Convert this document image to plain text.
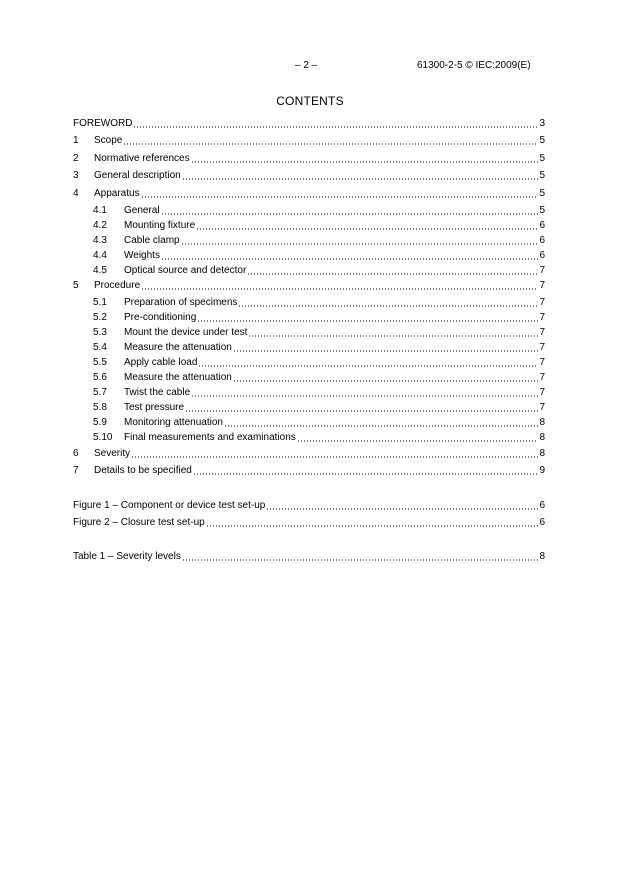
– 2 –	61300-2-5 © IEC:2009(E)
CONTENTS
FOREWORD	3
1	Scope	5
2	Normative references	5
3	General description	5
4	Apparatus	5
4.1	General	5
4.2	Mounting fixture	6
4.3	Cable clamp	6
4.4	Weights	6
4.5	Optical source and detector	7
5	Procedure	7
5.1	Preparation of specimens	7
5.2	Pre-conditioning	7
5.3	Mount the device under test	7
5.4	Measure the attenuation	7
5.5	Apply cable load	7
5.6	Measure the attenuation	7
5.7	Twist the cable	7
5.8	Test pressure	7
5.9	Monitoring attenuation	8
5.10	Final measurements and examinations	8
6	Severity	8
7	Details to be specified	9
Figure 1 – Component or device test set-up	6
Figure 2 – Closure test set-up	6
Table 1 – Severity levels	8
